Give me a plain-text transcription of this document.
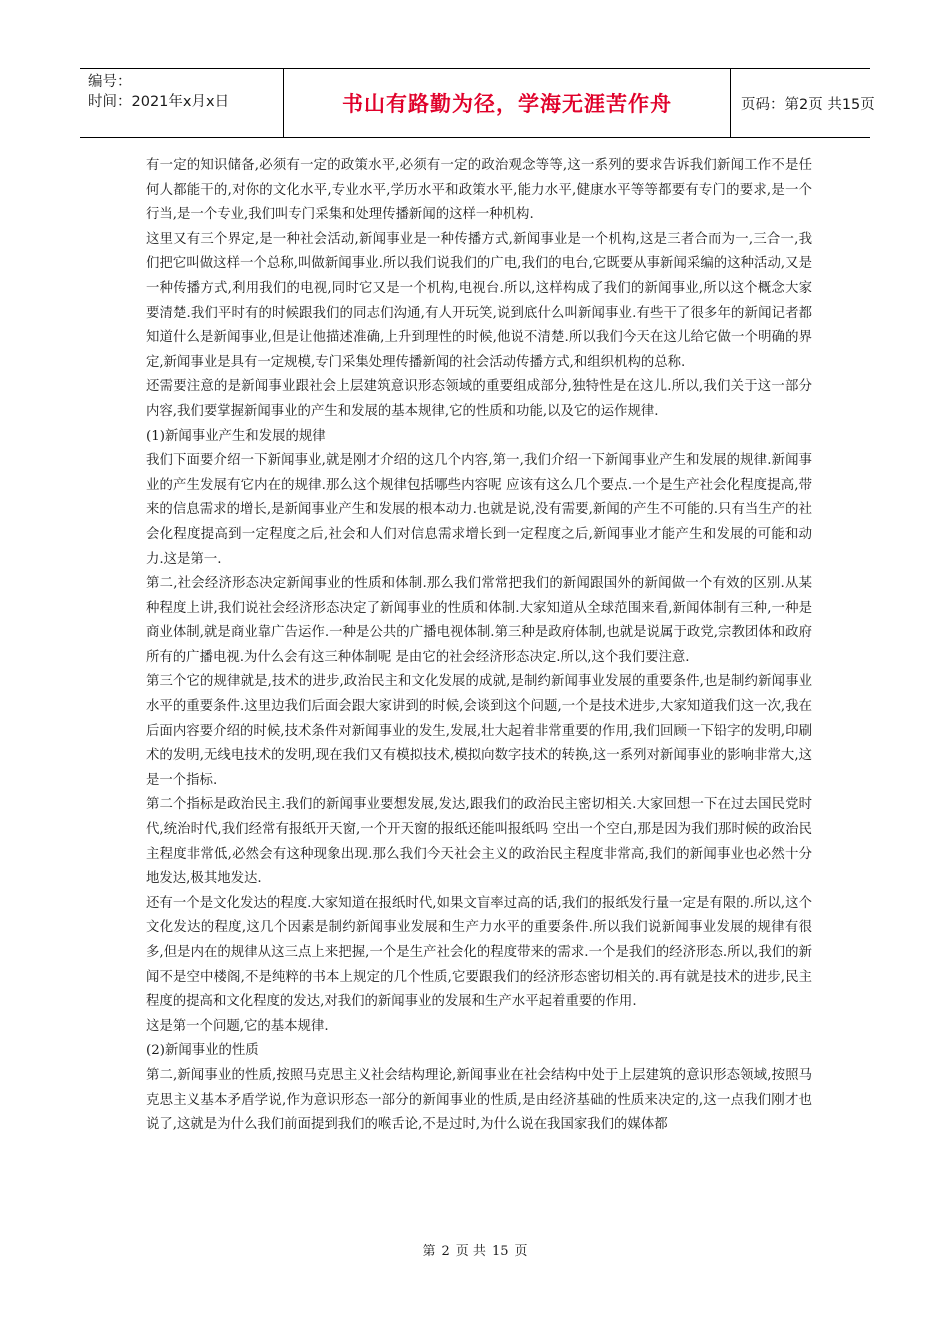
编号：
时间：2021年x月x日	书山有路勤为径，学海无涯苦作舟	页码：第2页 共15页

有一定的知识储备,必须有一定的政策水平,必须有一定的政治观念等等,这一系列的要求告诉我们新闻工作不是任何人都能干的,对你的文化水平,专业水平,学历水平和政策水平,能力水平,健康水平等等都要有专门的要求,是一个行当,是一个专业,我们叫专门采集和处理传播新闻的这样一种机构.

这里又有三个界定,是一种社会活动,新闻事业是一种传播方式,新闻事业是一个机构,这是三者合而为一,三合一,我们把它叫做这样一个总称,叫做新闻事业.所以我们说我们的广电,我们的电台,它既要从事新闻采编的这种活动,又是一种传播方式,利用我们的电视,同时它又是一个机构,电视台.所以,这样构成了我们的新闻事业,所以这个概念大家要清楚.我们平时有的时候跟我们的同志们沟通,有人开玩笑,说到底什么叫新闻事业.有些干了很多年的新闻记者都知道什么是新闻事业,但是让他描述准确,上升到理性的时候,他说不清楚.所以我们今天在这儿给它做一个明确的界定,新闻事业是具有一定规模,专门采集处理传播新闻的社会活动传播方式,和组织机构的总称.

还需要注意的是新闻事业跟社会上层建筑意识形态领域的重要组成部分,独特性是在这儿.所以,我们关于这一部分内容,我们要掌握新闻事业的产生和发展的基本规律,它的性质和功能,以及它的运作规律.

(1)新闻事业产生和发展的规律

我们下面要介绍一下新闻事业,就是刚才介绍的这几个内容,第一,我们介绍一下新闻事业产生和发展的规律.新闻事业的产生发展有它内在的规律.那么这个规律包括哪些内容呢 应该有这么几个要点.一个是生产社会化程度提高,带来的信息需求的增长,是新闻事业产生和发展的根本动力.也就是说,没有需要,新闻的产生不可能的.只有当生产的社会化程度提高到一定程度之后,社会和人们对信息需求增长到一定程度之后,新闻事业才能产生和发展的可能和动力.这是第一.

第二,社会经济形态决定新闻事业的性质和体制.那么我们常常把我们的新闻跟国外的新闻做一个有效的区别.从某种程度上讲,我们说社会经济形态决定了新闻事业的性质和体制.大家知道从全球范围来看,新闻体制有三种,一种是商业体制,就是商业靠广告运作.一种是公共的广播电视体制.第三种是政府体制,也就是说属于政党,宗教团体和政府所有的广播电视.为什么会有这三种体制呢 是由它的社会经济形态决定.所以,这个我们要注意.

第三个它的规律就是,技术的进步,政治民主和文化发展的成就,是制约新闻事业发展的重要条件,也是制约新闻事业水平的重要条件.这里边我们后面会跟大家讲到的时候,会谈到这个问题,一个是技术进步,大家知道我们这一次,我在后面内容要介绍的时候,技术条件对新闻事业的发生,发展,壮大起着非常重要的作用,我们回顾一下铅字的发明,印刷术的发明,无线电技术的发明,现在我们又有模拟技术,模拟向数字技术的转换,这一系列对新闻事业的影响非常大,这是一个指标.

第二个指标是政治民主.我们的新闻事业要想发展,发达,跟我们的政治民主密切相关.大家回想一下在过去国民党时代,统治时代,我们经常有报纸开天窗,一个开天窗的报纸还能叫报纸吗 空出一个空白,那是因为我们那时候的政治民主程度非常低,必然会有这种现象出现.那么我们今天社会主义的政治民主程度非常高,我们的新闻事业也必然十分地发达,极其地发达.

还有一个是文化发达的程度.大家知道在报纸时代,如果文盲率过高的话,我们的报纸发行量一定是有限的.所以,这个文化发达的程度,这几个因素是制约新闻事业发展和生产力水平的重要条件.所以我们说新闻事业发展的规律有很多,但是内在的规律从这三点上来把握,一个是生产社会化的程度带来的需求.一个是我们的经济形态.所以,我们的新闻不是空中楼阁,不是纯粹的书本上规定的几个性质,它要跟我们的经济形态密切相关的.再有就是技术的进步,民主程度的提高和文化程度的发达,对我们的新闻事业的发展和生产水平起着重要的作用.

这是第一个问题,它的基本规律.

(2)新闻事业的性质

第二,新闻事业的性质,按照马克思主义社会结构理论,新闻事业在社会结构中处于上层建筑的意识形态领域,按照马克思主义基本矛盾学说,作为意识形态一部分的新闻事业的性质,是由经济基础的性质来决定的,这一点我们刚才也说了,这就是为什么我们前面提到我们的喉舌论,不是过时,为什么说在我国家我们的媒体都

第 2 页 共 15 页
